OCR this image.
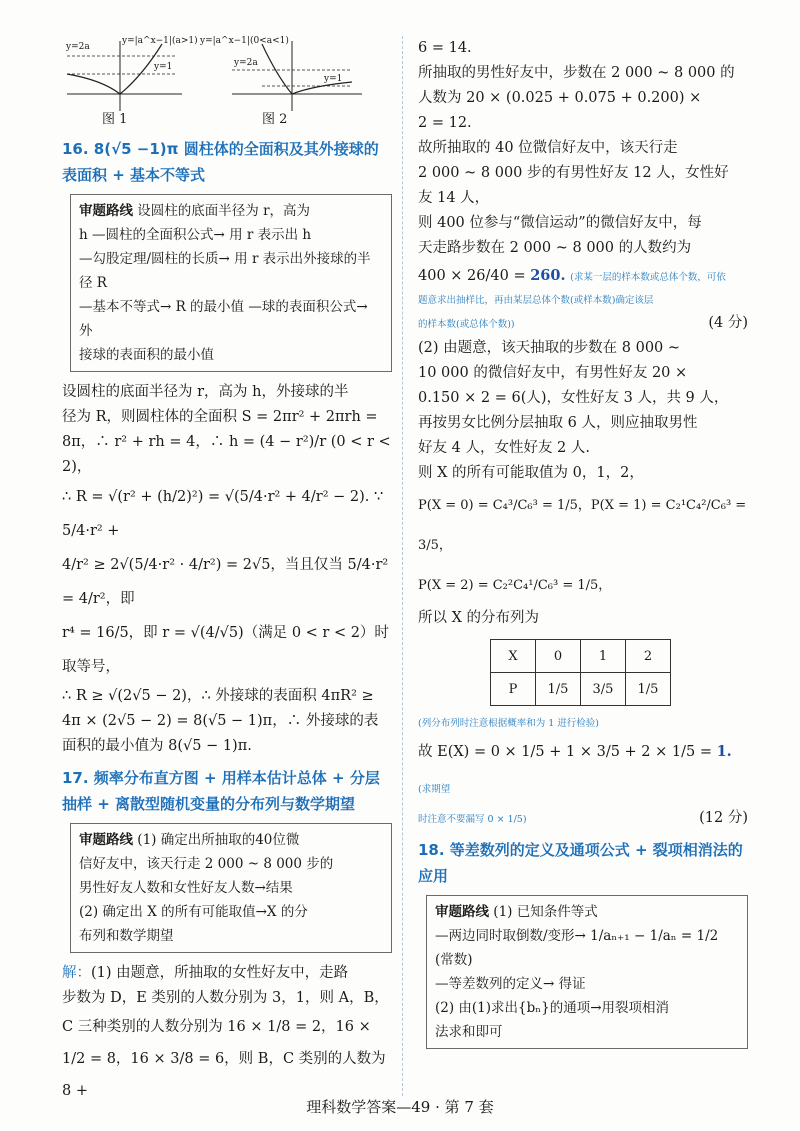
y=2a
y=|a^x−1|(a>1)
y=1
y=|a^x−1|(0<a<1)
y=2a
y=1
图 1	图 2
16. 8(√5 −1)π 圆柱体的全面积及其外接球的表面积 + 基本不等式
审题路线 设圆柱的底面半径为 r，高为
h —圆柱的全面积公式→ 用 r 表示出 h
—勾股定理/圆柱的长质→ 用 r 表示出外接球的半径 R
—基本不等式→ R 的最小值 —球的表面积公式→ 外
接球的表面积的最小值

设圆柱的底面半径为 r，高为 h，外接球的半

径为 R，则圆柱体的全面积 S = 2πr² + 2πrh =

8π，∴ r² + rh = 4，∴ h = (4 − r²)/r (0 < r < 2)，

∴ R = √(r² + (h/2)²) = √(5/4·r² + 4/r² − 2). ∵ 5/4·r² +

4/r² ≥ 2√(5/4·r² · 4/r²) = 2√5，当且仅当 5/4·r² = 4/r²，即

r⁴ = 16/5，即 r = √(4/√5)（满足 0 < r < 2）时取等号，

∴ R ≥ √(2√5 − 2)，∴ 外接球的表面积 4πR² ≥

4π × (2√5 − 2) = 8(√5 − 1)π，∴ 外接球的表

面积的最小值为 8(√5 − 1)π.

17. 频率分布直方图 + 用样本估计总体 + 分层抽样 + 离散型随机变量的分布列与数学期望
审题路线 (1) 确定出所抽取的40位微
信好友中，该天行走 2 000 ~ 8 000 步的
男性好友人数和女性好友人数→结果
(2) 确定出 X 的所有可能取值→X 的分
布列和数学期望

解：(1) 由题意，所抽取的女性好友中，走路

步数为 D，E 类别的人数分别为 3，1，则 A，B，

C 三种类别的人数分别为 16 × 1/8 = 2，16 ×

1/2 = 8，16 × 3/8 = 6，则 B，C 类别的人数为 8 +

6 = 14.

所抽取的男性好友中，步数在 2 000 ~ 8 000 的

人数为 20 × (0.025 + 0.075 + 0.200) ×

2 = 12.

故所抽取的 40 位微信好友中，该天行走

2 000 ~ 8 000 步的有男性好友 12 人，女性好

友 14 人，

则 400 位参与“微信运动”的微信好友中，每

天走路步数在 2 000 ~ 8 000 的人数约为

400 × 26/40 = 260. (求某一层的样本数或总体个数，可依

题意求出抽样比，再由某层总体个数(或样本数)确定该层

的样本数(或总体个数))	(4 分)

(2) 由题意，该天抽取的步数在 8 000 ~

10 000 的微信好友中，有男性好友 20 ×

0.150 × 2 = 6(人)，女性好友 3 人，共 9 人，

再按男女比例分层抽取 6 人，则应抽取男性

好友 4 人，女性好友 2 人.

则 X 的所有可能取值为 0，1，2，

P(X = 0) = C₄³/C₆³ = 1/5，P(X = 1) = C₂¹C₄²/C₆³ = 3/5，

P(X = 2) = C₂²C₄¹/C₆³ = 1/5，

所以 X 的分布列为

X	0	1	2
P	1/5	3/5	1/5

(列分布列时注意根据概率和为 1 进行检验)

故 E(X) = 0 × 1/5 + 1 × 3/5 + 2 × 1/5 = 1. (求期望

时注意不要漏写 0 × 1/5)	(12 分)

18. 等差数列的定义及通项公式 + 裂项相消法的应用
审题路线 (1) 已知条件等式
—两边同时取倒数/变形→ 1/aₙ₊₁ − 1/aₙ = 1/2 (常数)
—等差数列的定义→ 得证
(2) 由(1)求出{bₙ}的通项→用裂项相消
法求和即可
理科数学答案—49 · 第 7 套
